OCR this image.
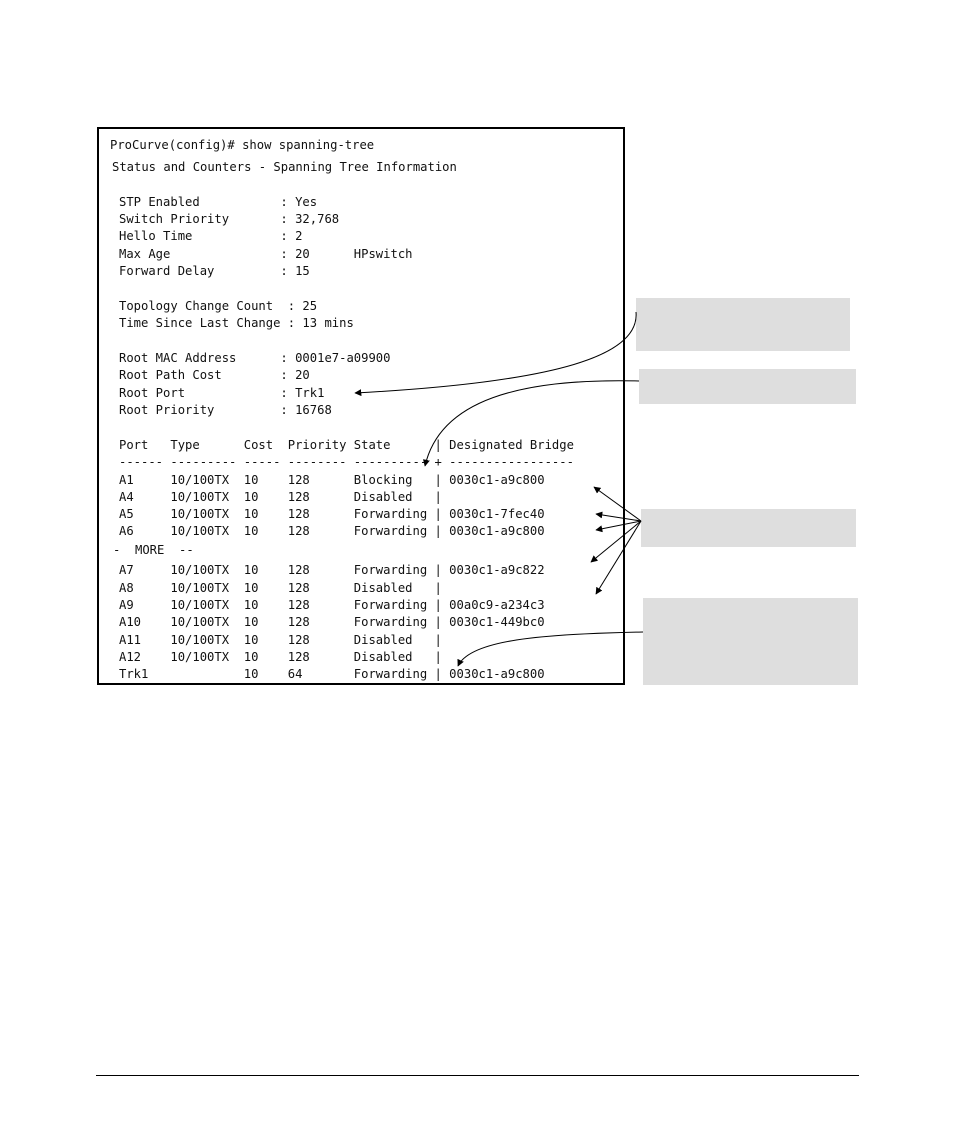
ProCurve(config)# show spanning-tree
Status and Counters - Spanning Tree Information
STP Enabled           : Yes
Switch Priority       : 32,768
Hello Time            : 2
Max Age               : 20      HPswitch
Forward Delay         : 15
Topology Change Count  : 25
Time Since Last Change : 13 mins
Root MAC Address      : 0001e7-a09900
Root Path Cost        : 20
Root Port             : Trk1
Root Priority         : 16768
Port   Type      Cost  Priority State      | Designated Bridge
------ --------- ----- -------- ---------- + -----------------
A1     10/100TX  10    128      Blocking   | 0030c1-a9c800
A4     10/100TX  10    128      Disabled   |
A5     10/100TX  10    128      Forwarding | 0030c1-7fec40
A6     10/100TX  10    128      Forwarding | 0030c1-a9c800
-  MORE  --
A7     10/100TX  10    128      Forwarding | 0030c1-a9c822
A8     10/100TX  10    128      Disabled   |
A9     10/100TX  10    128      Forwarding | 00a0c9-a234c3
A10    10/100TX  10    128      Forwarding | 0030c1-449bc0
A11    10/100TX  10    128      Disabled   |
A12    10/100TX  10    128      Disabled   |
Trk1             10    64       Forwarding | 0030c1-a9c800
